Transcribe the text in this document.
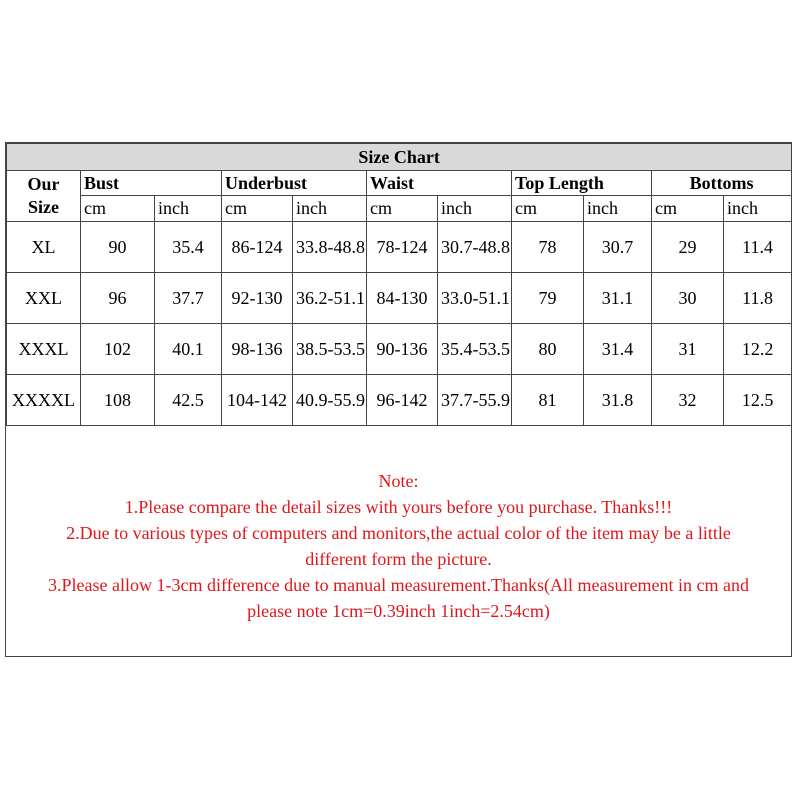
Size Chart										

Our
Size	Bust		Underbust		Waist		Top Length		Bottoms	
	cm	inch	cm	inch	cm	inch	cm	inch	cm	inch
XL	90	35.4	86-124	33.8-48.8	78-124	30.7-48.8	78	30.7	29	11.4
XXL	96	37.7	92-130	36.2-51.1	84-130	33.0-51.1	79	31.1	30	11.8
XXXL	102	40.1	98-136	38.5-53.5	90-136	35.4-53.5	80	31.4	31	12.2
XXXXL	108	42.5	104-142	40.9-55.9	96-142	37.7-55.9	81	31.8	32	12.5
Note:
1.Please compare the detail sizes with yours before you purchase. Thanks!!!
2.Due to various types of computers and monitors,the actual color of the item may be a little
different form the picture.
3.Please allow 1-3cm difference due to manual measurement.Thanks(All measurement in cm and
please note 1cm=0.39inch 1inch=2.54cm)
